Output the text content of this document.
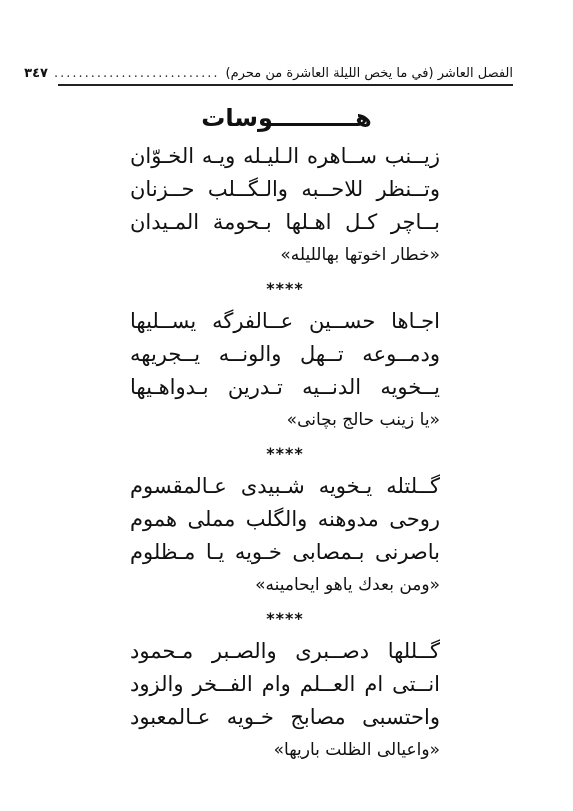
الفصل العاشر (في ما يخص الليلة العاشرة من محرم)
...........................
٣٤٧
هــــــــــوسات
زيــنب ســاهره الـليـله ويـه الخـوّان
وتــنظر للاحــبه والـگــلب حــزنان
بــاچر كـل اهـلها بـحومة المـيدان
«خطار اخوتها بهالليله»
****
اجـاها حســين عــالفرگه يســليها
ودمــوعه تــهل والونــه يــجريهه
يــخويه الدنــيه تـدرين بـدواهـيها
«يا زينب حالج بچانى»
****
گــلتله يـخويه شـبيدى عـالمقسوم
روحى مدوهنه والگلب مملى هموم
باصرنى بـمصابى خـويه يـا مـظلوم
«ومن بعدك ياهو ايحامينه»
****
گــللها دصــبرى والصـبر مـحمود
انــتى ام العــلم وام الفــخر والزود
واحتسبى مصابج خـويه عـالمعبود
«واعيالى الظلت باريها»
